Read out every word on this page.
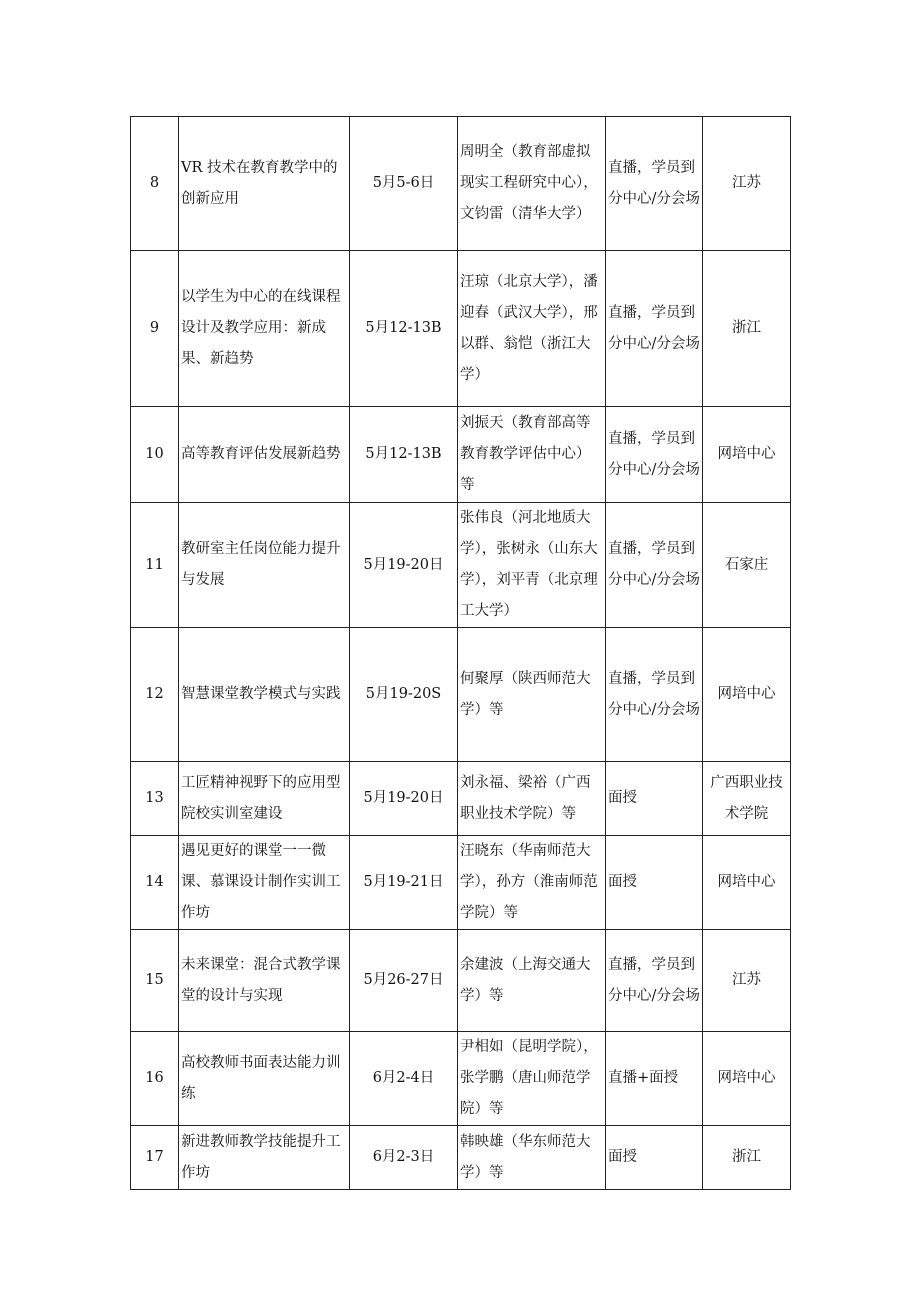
8	VR 技术在教育教学中的创新应用	5月5-6日	周明全（教育部虚拟现实工程研究中心），文钧雷（清华大学）	直播，学员到分中心/分会场	江苏
9	以学生为中心的在线课程设计及教学应用：新成果、新趋势	5月12-13B	汪琼（北京大学），潘迎春（武汉大学），邢以群、翁恺（浙江大学）	直播，学员到分中心/分会场	浙江
10	高等教育评估发展新趋势	5月12-13B	刘振天（教育部高等教育教学评估中心）等	直播，学员到分中心/分会场	网培中心
11	教研室主任岗位能力提升与发展	5月19-20日	张伟良（河北地质大学），张树永（山东大学），刘平青（北京理工大学）	直播，学员到分中心/分会场	石家庄
12	智慧课堂教学模式与实践	5月19-20S	何聚厚（陕西师范大学）等	直播，学员到分中心/分会场	网培中心
13	工匠精神视野下的应用型院校实训室建设	5月19-20日	刘永福、梁裕（广西职业技术学院）等	面授	广西职业技术学院
14	遇见更好的课堂一一微课、慕课设计制作实训工作坊	5月19-21日	汪晓东（华南师范大学），孙方（淮南师范学院）等	面授	网培中心
15	未来课堂：混合式教学课堂的设计与实现	5月26-27日	余建波（上海交通大学）等	直播，学员到分中心/分会场	江苏
16	高校教师书面表达能力训练	6月2-4日	尹相如（昆明学院），张学鹏（唐山师范学院）等	直播+面授	网培中心
17	新进教师教学技能提升工作坊	6月2-3日	韩映雄（华东师范大学）等	面授	浙江
